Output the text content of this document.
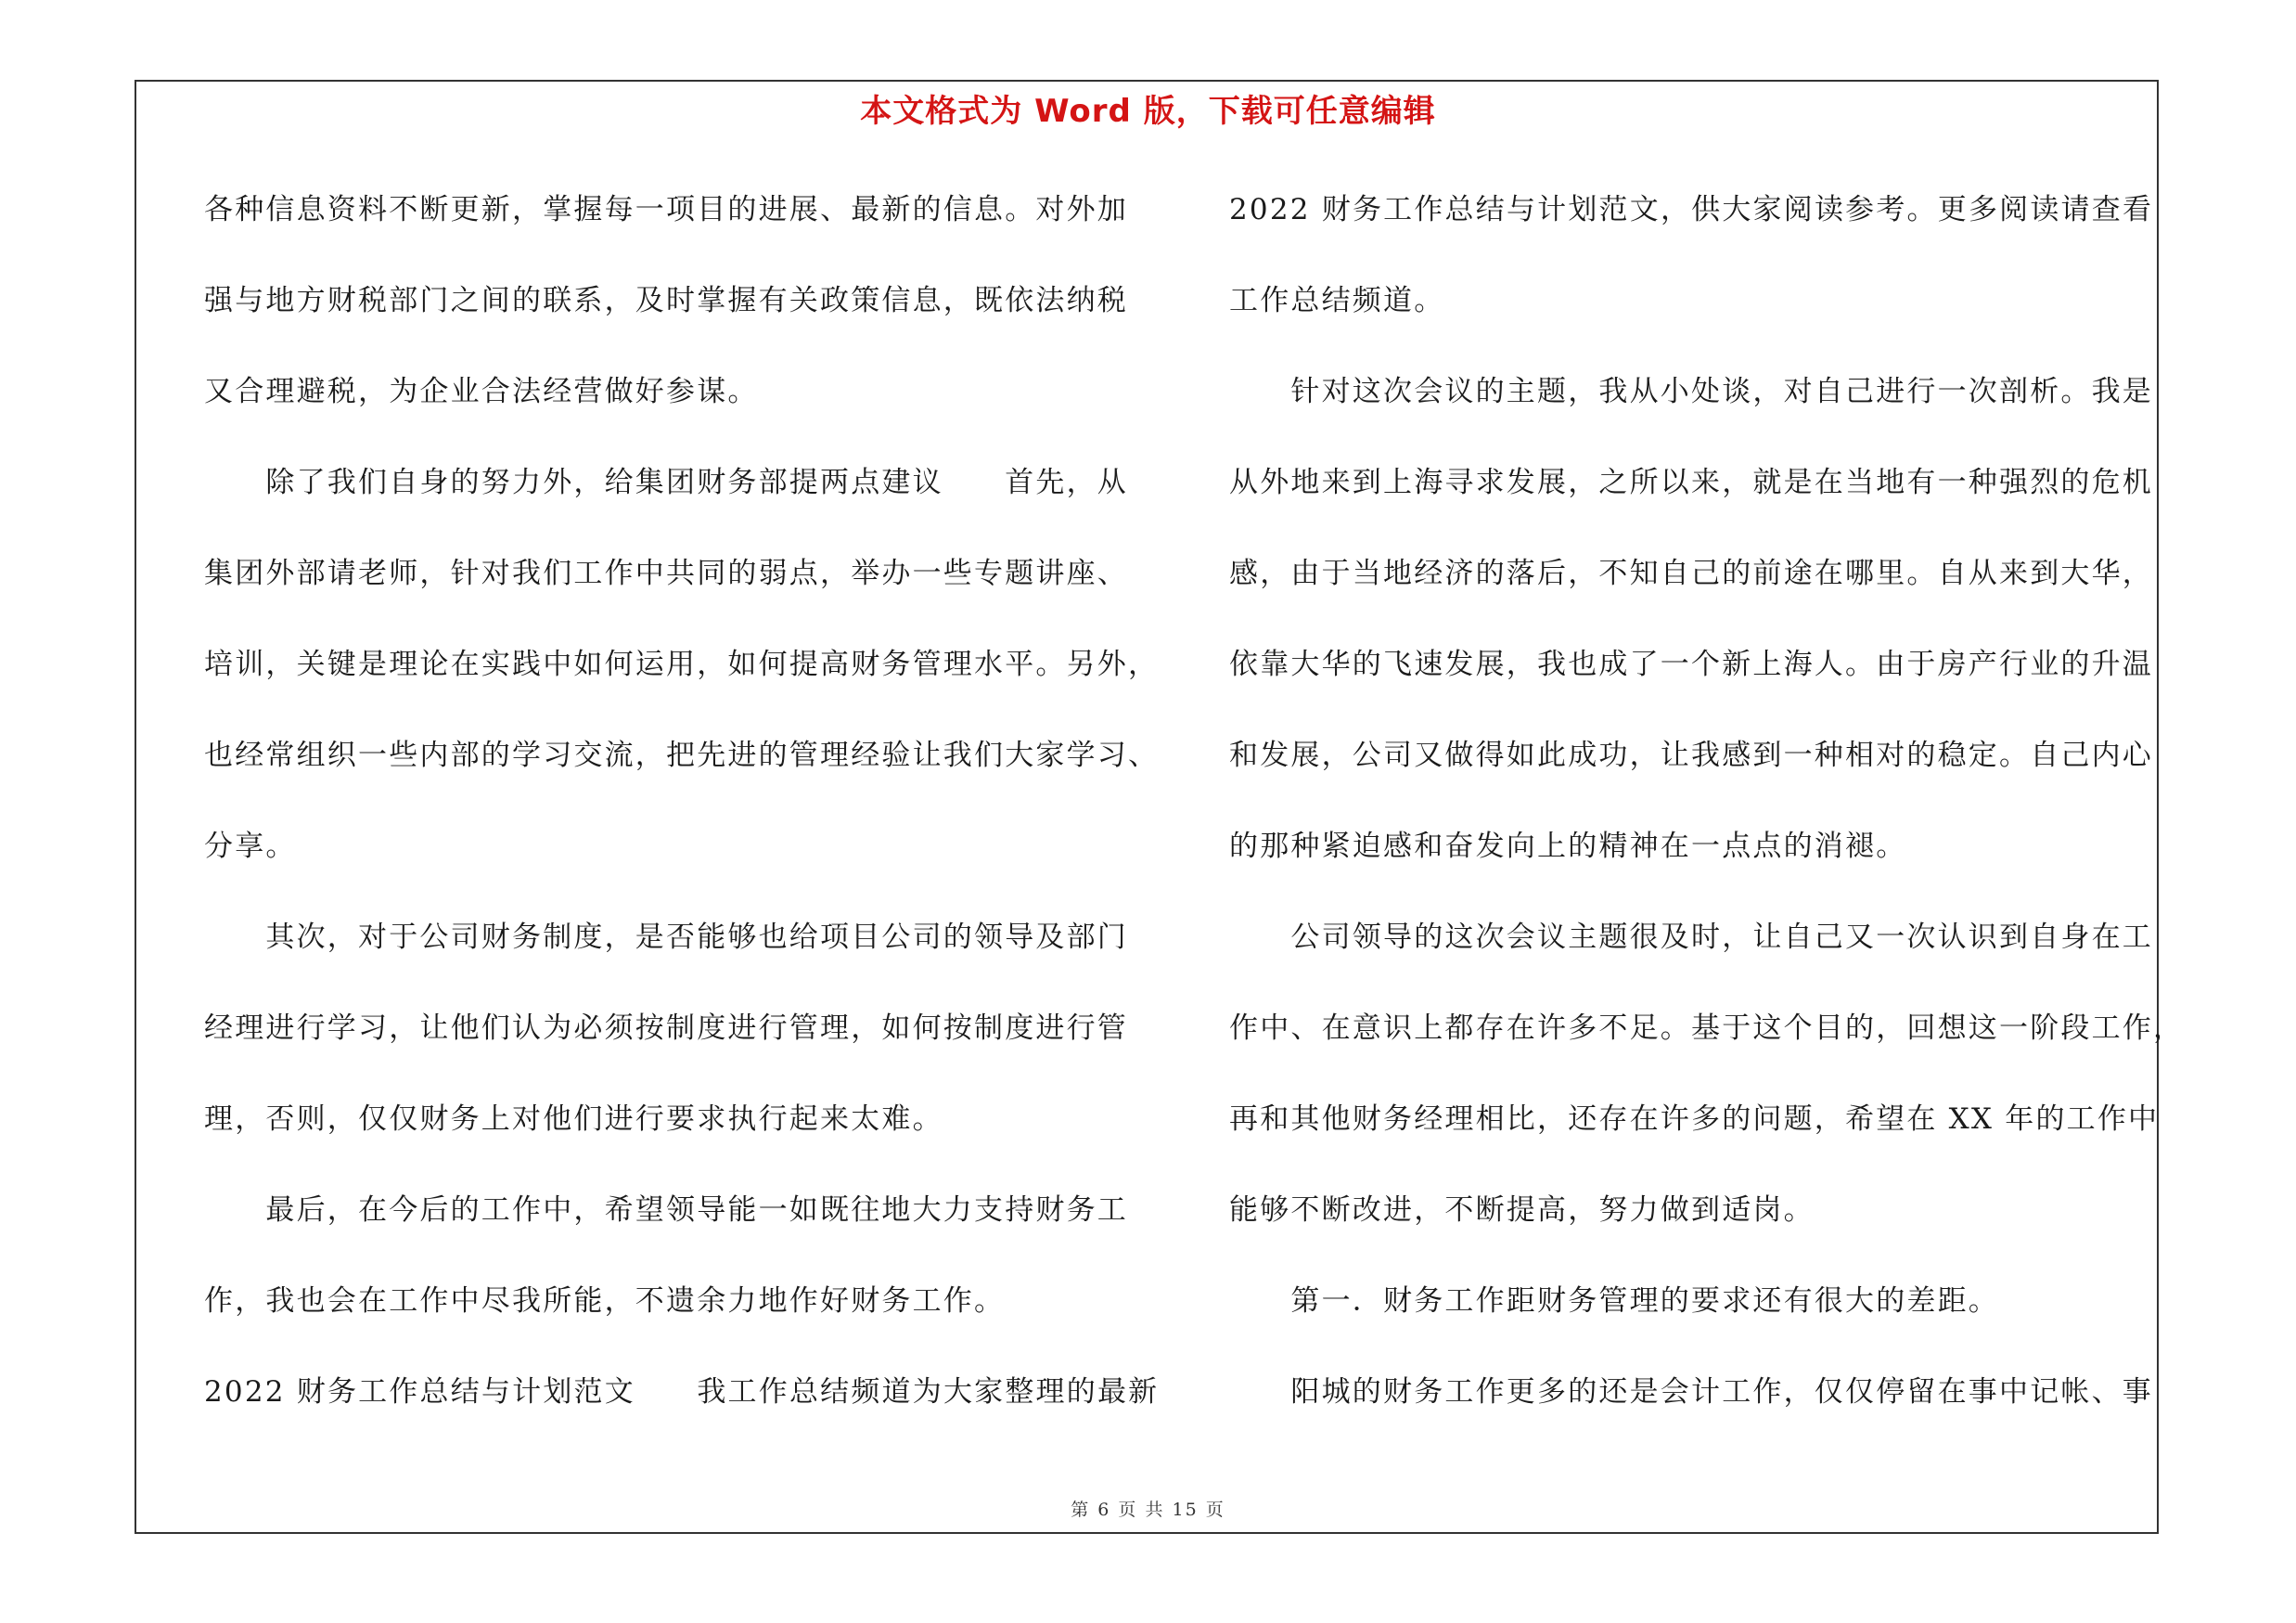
本文格式为 Word 版，下载可任意编辑
各种信息资料不断更新，掌握每一项目的进展、最新的信息。对外加
强与地方财税部门之间的联系，及时掌握有关政策信息，既依法纳税
又合理避税，为企业合法经营做好参谋。
　　除了我们自身的努力外，给集团财务部提两点建议　　首先，从
集团外部请老师，针对我们工作中共同的弱点，举办一些专题讲座、
培训，关键是理论在实践中如何运用，如何提高财务管理水平。另外，
也经常组织一些内部的学习交流，把先进的管理经验让我们大家学习、
分享。
　　其次，对于公司财务制度，是否能够也给项目公司的领导及部门
经理进行学习，让他们认为必须按制度进行管理，如何按制度进行管
理，否则，仅仅财务上对他们进行要求执行起来太难。
　　最后，在今后的工作中，希望领导能一如既往地大力支持财务工
作，我也会在工作中尽我所能，不遗余力地作好财务工作。
2022 财务工作总结与计划范文　　我工作总结频道为大家整理的最新
2022 财务工作总结与计划范文，供大家阅读参考。更多阅读请查看
工作总结频道。
　　针对这次会议的主题，我从小处谈，对自己进行一次剖析。我是
从外地来到上海寻求发展，之所以来，就是在当地有一种强烈的危机
感，由于当地经济的落后，不知自己的前途在哪里。自从来到大华，
依靠大华的飞速发展，我也成了一个新上海人。由于房产行业的升温
和发展，公司又做得如此成功，让我感到一种相对的稳定。自己内心
的那种紧迫感和奋发向上的精神在一点点的消褪。
　　公司领导的这次会议主题很及时，让自己又一次认识到自身在工
作中、在意识上都存在许多不足。基于这个目的，回想这一阶段工作，
再和其他财务经理相比，还存在许多的问题，希望在 XX 年的工作中
能够不断改进，不断提高，努力做到适岗。
　　第一．财务工作距财务管理的要求还有很大的差距。
　　阳城的财务工作更多的还是会计工作，仅仅停留在事中记帐、事
第 6 页 共 15 页
